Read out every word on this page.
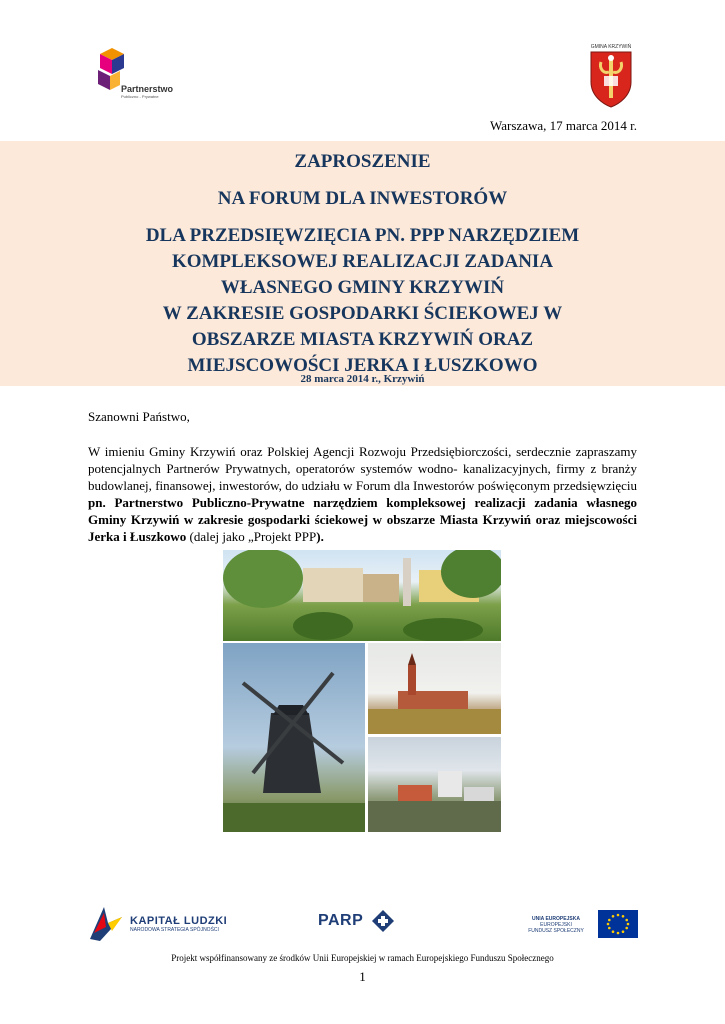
Partnerstwo
Publiczno - Prywatne
GMINA KRZYWIŃ
Warszawa, 17 marca 2014 r.

ZAPROSZENIE

NA FORUM DLA INWESTORÓW

DLA PRZEDSIĘWZIĘCIA PN. PPP NARZĘDZIEM

KOMPLEKSOWEJ REALIZACJI ZADANIA

WŁASNEGO GMINY KRZYWIŃ

W ZAKRESIE GOSPODARKI ŚCIEKOWEJ W

OBSZARZE MIASTA KRZYWIŃ ORAZ

MIEJSCOWOŚCI JERKA I ŁUSZKOWO

28 marca 2014 r., Krzywiń
Szanowni Państwo,
W imieniu Gminy Krzywiń oraz Polskiej Agencji Rozwoju Przedsiębiorczości, serdecznie zapraszamy potencjalnych Partnerów Prywatnych, operatorów systemów wodno- kanalizacyjnych, firmy z branży budowlanej, finansowej, inwestorów, do udziału w Forum dla Inwestorów poświęconym przedsięwzięciu pn. Partnerstwo Publiczno-Prywatne narzędziem kompleksowej realizacji zadania własnego Gminy Krzywiń w zakresie gospodarki ściekowej w obszarze Miasta Krzywiń oraz miejscowości Jerka i Łuszkowo (dalej jako „Projekt PPP).
KAPITAŁ LUDZKI
NARODOWA STRATEGIA SPÓJNOŚCI
PARP	UNIA EUROPEJSKA
EUROPEJSKI
FUNDUSZ SPOŁECZNY
Projekt współfinansowany ze środków Unii Europejskiej w ramach Europejskiego Funduszu Społecznego
1
